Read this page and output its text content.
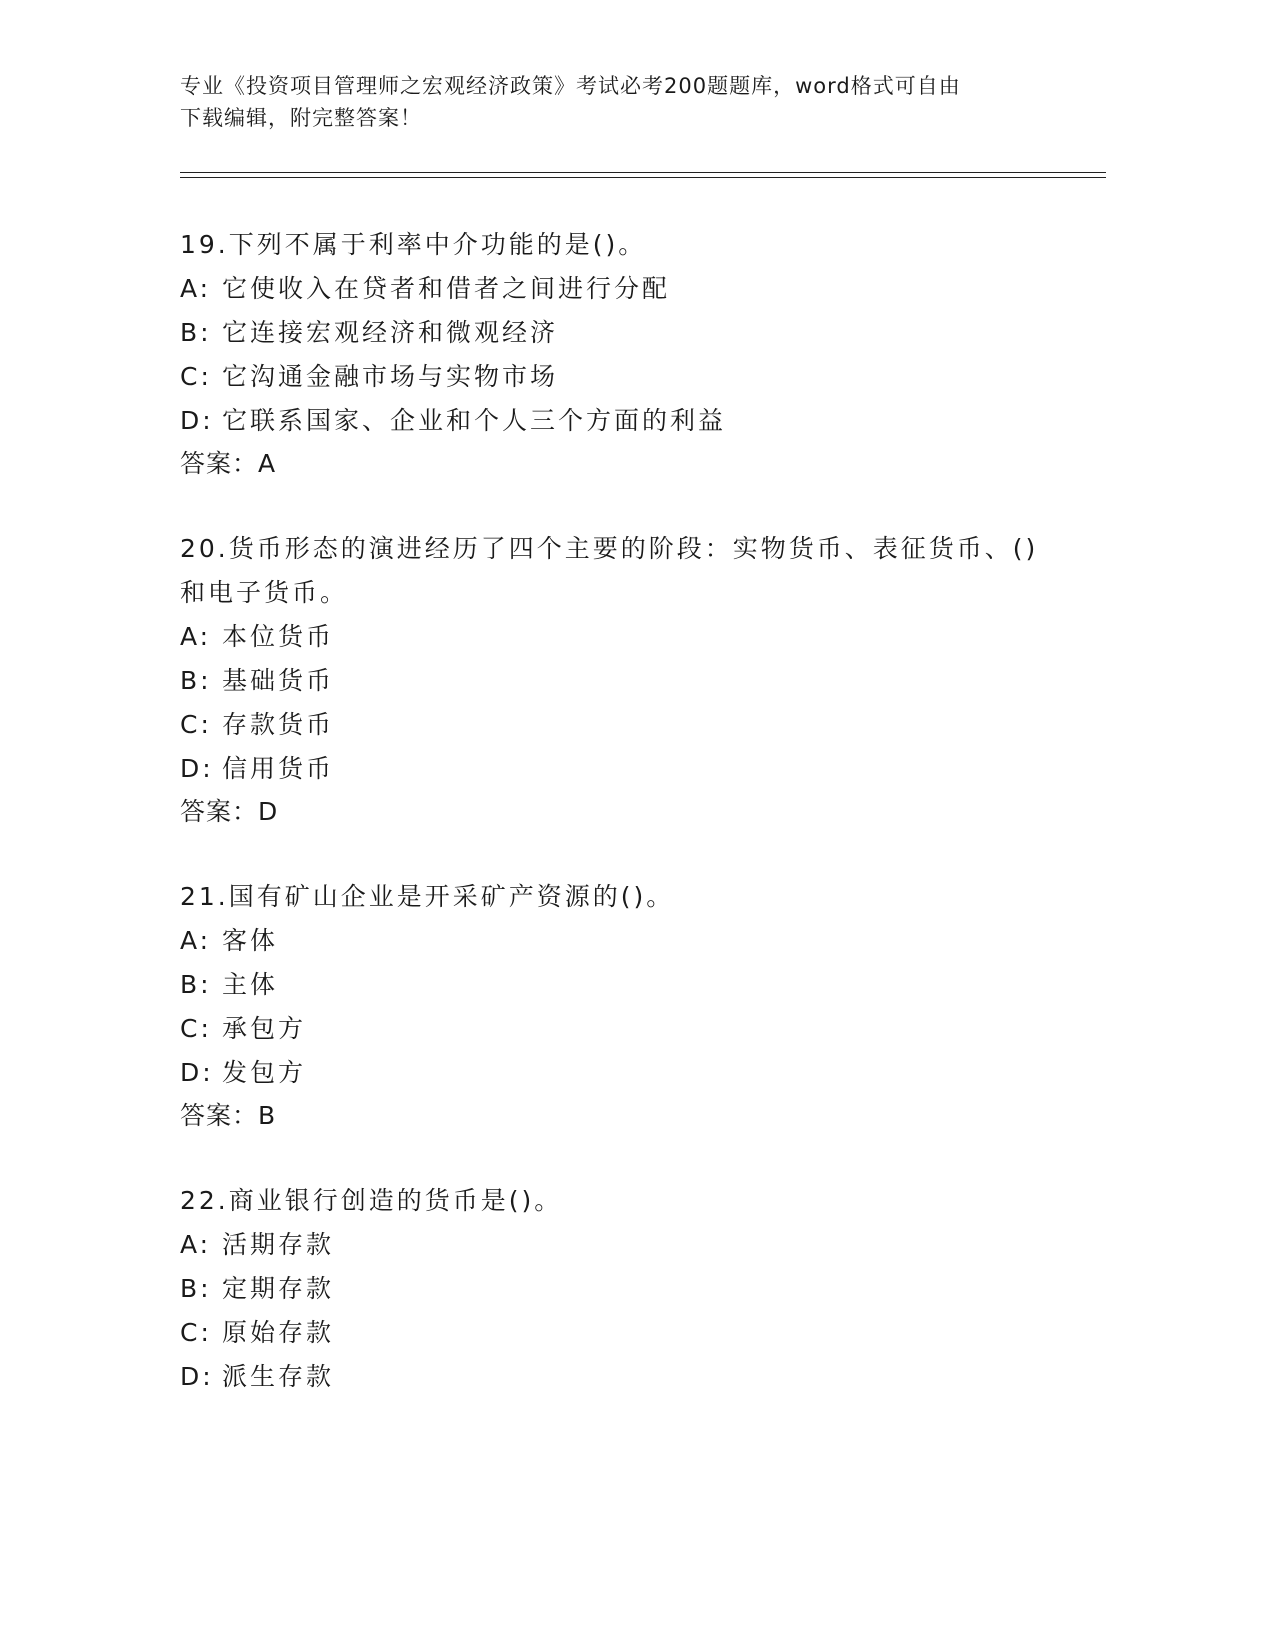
专业《投资项目管理师之宏观经济政策》考试必考200题题库，word格式可自由
下载编辑，附完整答案！
19.下列不属于利率中介功能的是()。
A: 它使收入在贷者和借者之间进行分配
B: 它连接宏观经济和微观经济
C: 它沟通金融市场与实物市场
D: 它联系国家、企业和个人三个方面的利益
答案：A
20.货币形态的演进经历了四个主要的阶段：实物货币、表征货币、()
和电子货币。
A: 本位货币
B: 基础货币
C: 存款货币
D: 信用货币
答案：D
21.国有矿山企业是开采矿产资源的()。
A: 客体
B: 主体
C: 承包方
D: 发包方
答案：B
22.商业银行创造的货币是()。
A: 活期存款
B: 定期存款
C: 原始存款
D: 派生存款
